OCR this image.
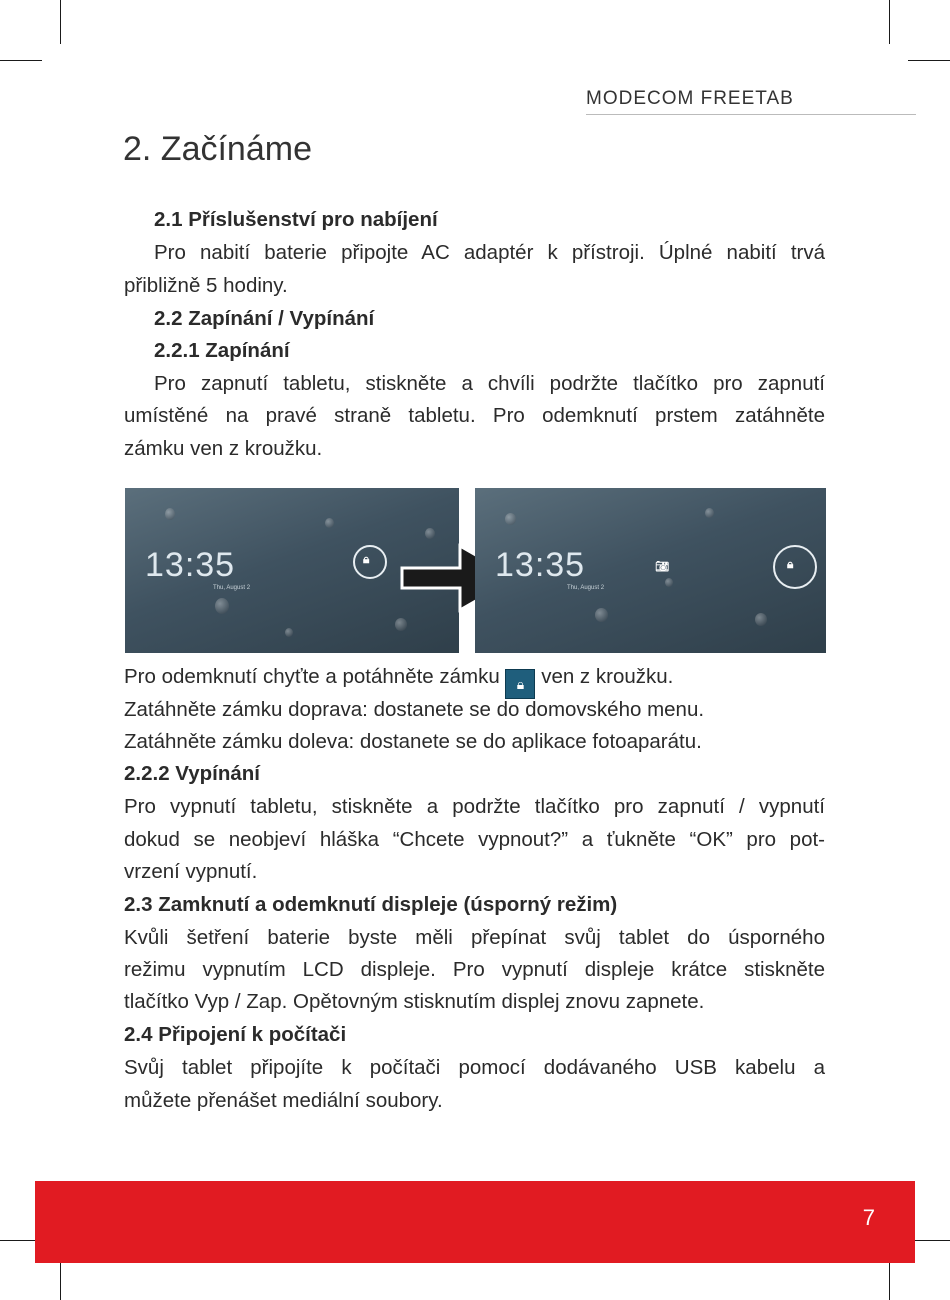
MODECOM FREETAB
2. Začínáme
2.1 Příslušenství pro nabíjení
Pro nabití baterie připojte AC adaptér k přístroji. Úplné nabití trvá
přibližně 5 hodiny.
2.2 Zapínání / Vypínání
2.2.1 Zapínání
Pro zapnutí tabletu, stiskněte a chvíli podržte tlačítko pro zapnutí
umístěné na pravé straně tabletu. Pro odemknutí prstem zatáhněte
zámku ven z kroužku.
13:35
Thu, August 2
🔒︎	13:35
Thu, August 2
📷︎	🔒︎
Pro odemknutí chyťte a potáhněte zámku 🔒︎ ven z kroužku.
Zatáhněte zámku doprava: dostanete se do domovského menu.
Zatáhněte zámku doleva: dostanete se do aplikace fotoaparátu.
2.2.2 Vypínání
Pro vypnutí tabletu, stiskněte a podržte tlačítko pro zapnutí / vypnutí
dokud se neobjeví hláška “Chcete vypnout?” a ťukněte “OK” pro pot-
vrzení vypnutí.
2.3 Zamknutí a odemknutí displeje (úsporný režim)
Kvůli šetření baterie byste měli přepínat svůj tablet do úsporného
režimu vypnutím LCD displeje. Pro vypnutí displeje krátce stiskněte
tlačítko Vyp / Zap. Opětovným stisknutím displej znovu zapnete.
2.4 Připojení k počítači
Svůj tablet připojíte k počítači pomocí dodávaného USB kabelu a
můžete přenášet mediální soubory.
7
